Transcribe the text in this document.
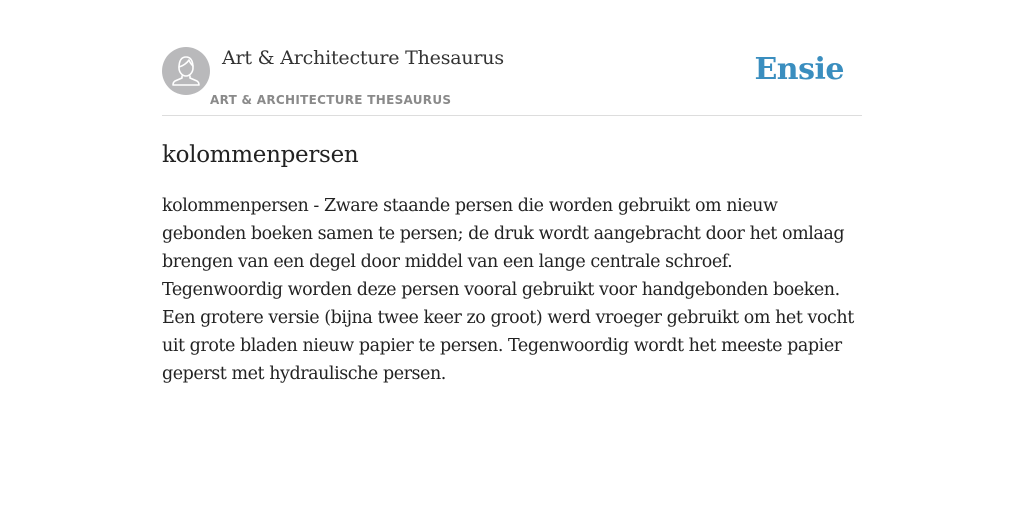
Art & Architecture Thesaurus
ART & ARCHITECTURE THESAURUS
Ensie
kolommenpersen

kolommenpersen - Zware staande persen die worden gebruikt om nieuw
gebonden boeken samen te persen; de druk wordt aangebracht door het omlaag
brengen van een degel door middel van een lange centrale schroef.
Tegenwoordig worden deze persen vooral gebruikt voor handgebonden boeken.
Een grotere versie (bijna twee keer zo groot) werd vroeger gebruikt om het vocht
uit grote bladen nieuw papier te persen. Tegenwoordig wordt het meeste papier
geperst met hydraulische persen.
